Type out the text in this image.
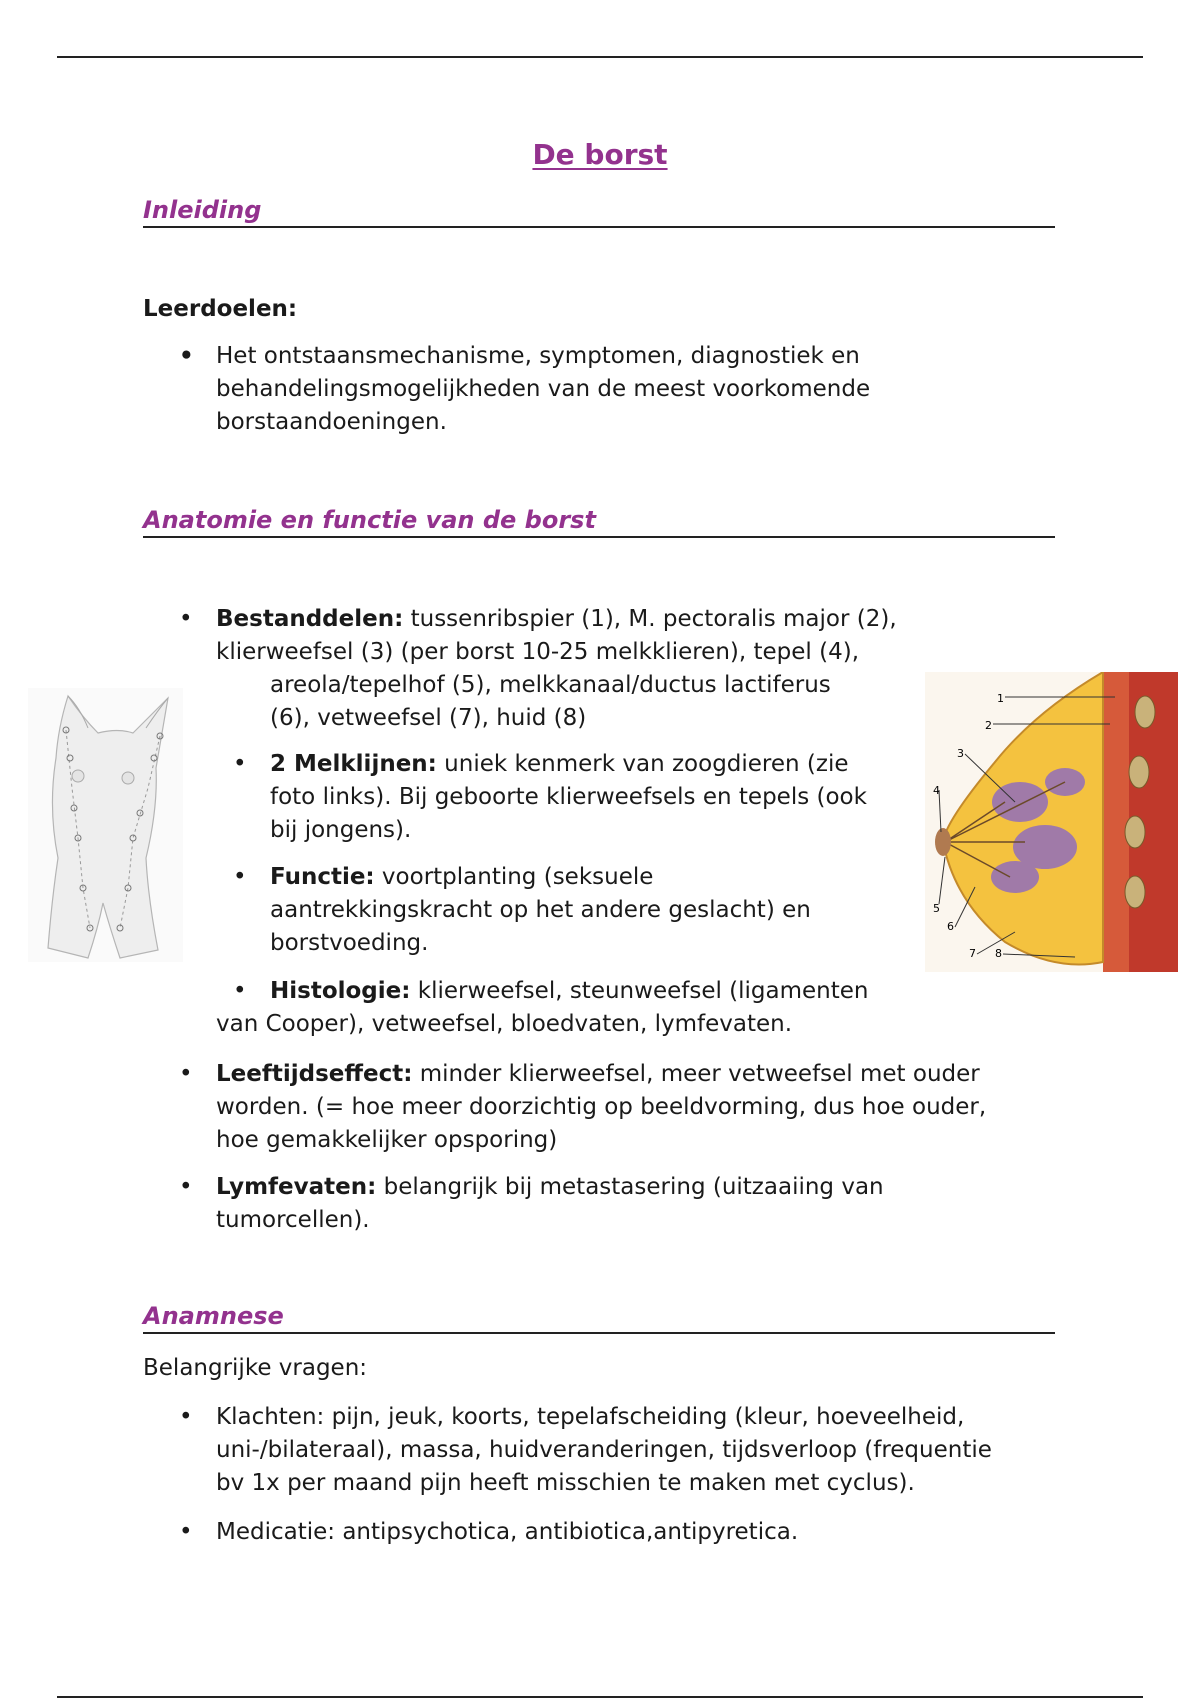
De borst
Inleiding
Leerdoelen:
• Het ontstaansmechanisme, symptomen, diagnostiek en behandelingsmogelijkheden van de meest voorkomende borstaandoeningen.
Anatomie en functie van de borst
1
2
3
4
5
6
7 8
• Bestanddelen: tussenribspier (1), M. pectoralis major (2),
klierweefsel (3) (per borst 10-25 melkklieren), tepel (4),
areola/tepelhof (5), melkkanaal/ductus lactiferus
(6), vetweefsel (7), huid (8)
• 2 Melklijnen: uniek kenmerk van zoogdieren (zie
foto links). Bij geboorte klierweefsels en tepels (ook
bij jongens).
• Functie: voortplanting (seksuele
aantrekkingskracht op het andere geslacht) en
borstvoeding.
•	Histologie: klierweefsel, steunweefsel (ligamenten
van Cooper), vetweefsel, bloedvaten, lymfevaten.
• Leeftijdseffect: minder klierweefsel, meer vetweefsel met ouder
worden. (= hoe meer doorzichtig op beeldvorming, dus hoe ouder,
hoe gemakkelijker opsporing)
• Lymfevaten: belangrijk bij metastasering (uitzaaiing van
tumorcellen).
Anamnese
Belangrijke vragen:
• Klachten: pijn, jeuk, koorts, tepelafscheiding (kleur, hoeveelheid,
uni-/bilateraal), massa, huidveranderingen, tijdsverloop (frequentie
bv 1x per maand pijn heeft misschien te maken met cyclus).
• Medicatie: antipsychotica, antibiotica,antipyretica.
